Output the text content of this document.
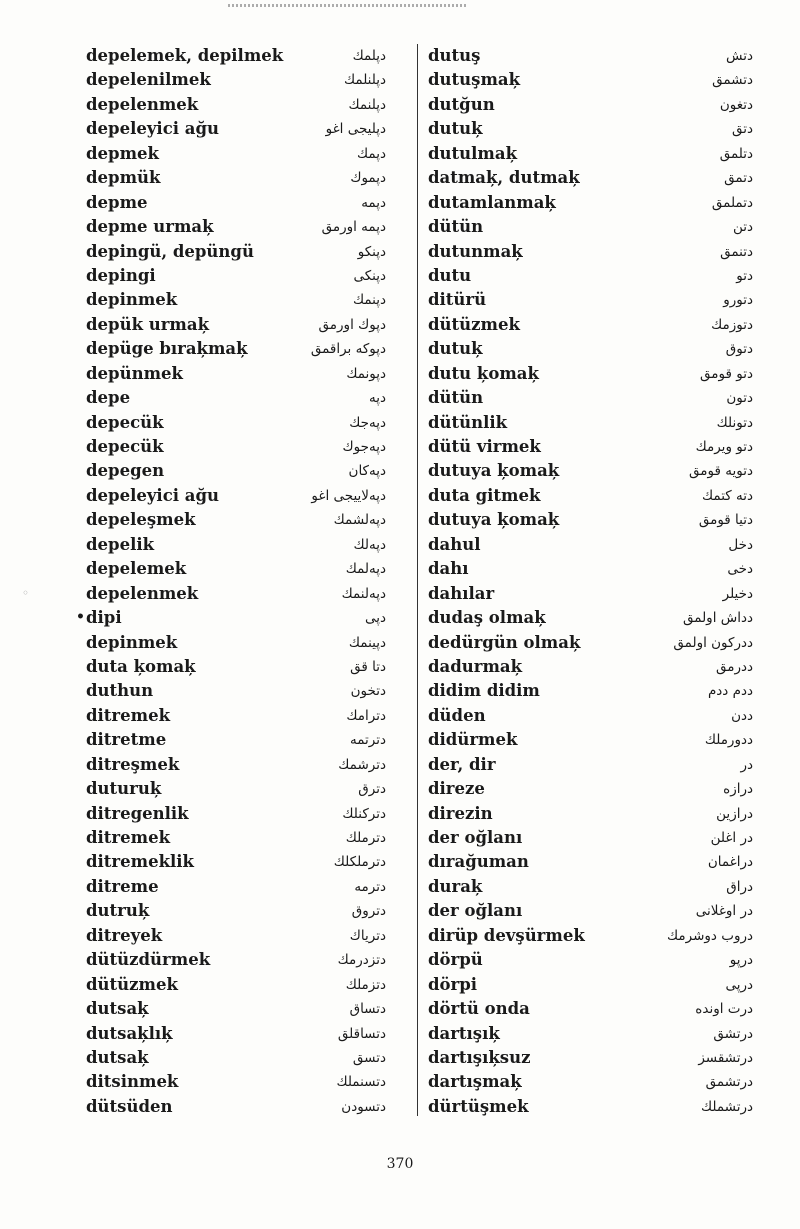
depelemek, depilmek	دپلمك
depelenilmek	دپلنلمك
depelenmek	دپلنمك
depeleyici ağu	دپليجى اغو
depmek	دپمك
depmük	دپموك
depme	دپمه
depme urmaķ	دپمه اورمق
depingü, depüngü	دپنكو
depingi	دپنكى
depinmek	دپنمك
depük urmaķ	دپوك اورمق
depüge bıraķmaķ	دپوكه براقمق
depünmek	دپونمك
depe	دپه
depecük	دپه‌جك
depecük	دپه‌جوك
depegen	دپه‌كان
depeleyici ağu	دپه‌لاييجى اغو
depeleşmek	دپه‌لشمك
depelik	دپه‌لك
depelemek	دپه‌لمك
depelenmek	دپه‌لنمك
dipi	دپى
depinmek	دپينمك
duta ķomaķ	دتا قق
duthun	دتخون
ditremek	دترامك
ditretme	دترتمه
ditreşmek	دترشمك
duturuķ	دترق
ditregenlik	دتركنلك
ditremek	دترملك
ditremeklik	دترملكلك
ditreme	دترمه
dutruķ	دتروق
ditreyek	دترياك
dütüzdürmek	دتزدرمك
dütüzmek	دتزملك
dutsaķ	دتساق
dutsaķlıķ	دتساقلق
dutsaķ	دتسق
ditsinmek	دتسنملك
dütsüden	دتسودن
dutuş	دتش
dutuşmaķ	دتشمق
dutğun	دتغون
dutuķ	دتق
dutulmaķ	دتلمق
datmaķ, dutmaķ	دتمق
dutamlanmaķ	دتملمق
dütün	دتن
dutunmaķ	دتنمق
dutu	دتو
ditürü	دتورو
dütüzmek	دتوزمك
dutuķ	دتوق
dutu ķomaķ	دتو قومق
dütün	دتون
dütünlik	دتونلك
dütü virmek	دتو ويرمك
dutuya ķomaķ	دتويه قومق
duta gitmek	دته كتمك
dutuya ķomaķ	دتيا قومق
dahul	دخل
dahı	دخى
dahılar	دخيلر
dudaş olmaķ	دداش اولمق
dedürgün olmaķ	ددركون اولمق
dadurmaķ	ددرمق
didim didim	ددم ددم
düden	ددن
didürmek	ددورملك
der, dir	در
direze	درازه
direzin	درازين
der oğlanı	در اغلن
dırağuman	دراغمان
duraķ	دراق
der oğlanı	در اوغلانى
dirüp devşürmek	دروب دوشرمك
dörpü	درپو
dörpi	درپى
dörtü onda	درت اونده
dartışıķ	درتشق
dartışıķsuz	درتشقسز
dartışmaķ	درتشمق
dürtüşmek	درتشملك
•
◦
370
